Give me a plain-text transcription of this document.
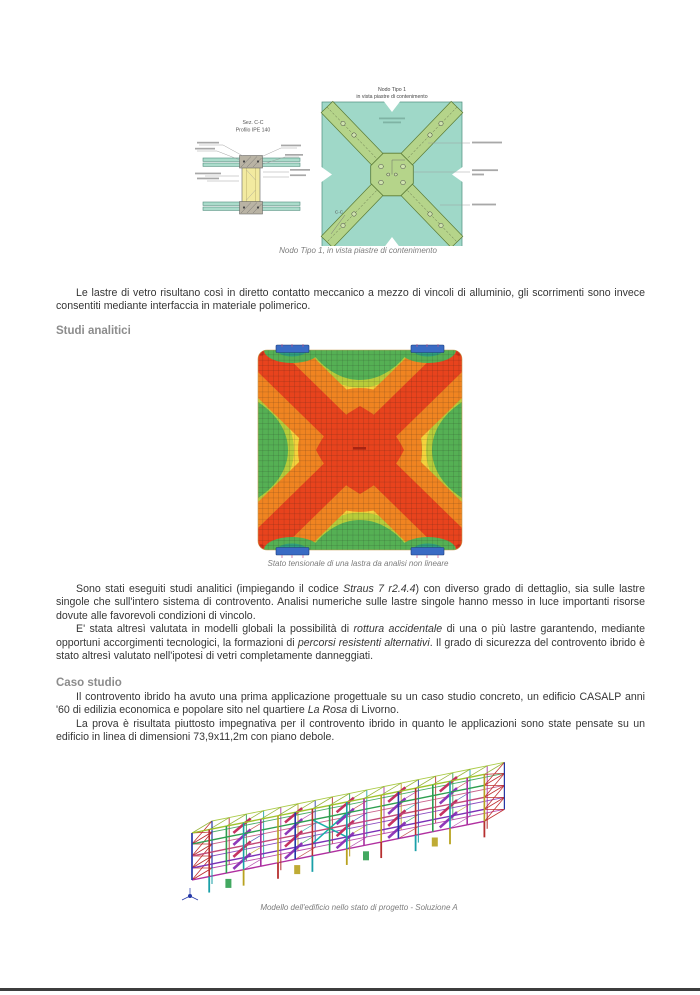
Sez. C-C
Profilo IPE 140
Nodo Tipo 1
in vista piastre di contenimento
C-C
Nodo Tipo 1, in vista piastre di contenimento

Le lastre di vetro risultano così in diretto contatto meccanico a mezzo di vincoli di alluminio, gli scorrimenti sono invece consentiti mediante interfaccia in materiale polimerico.

Studi analitici
Stato tensionale di una lastra da analisi non lineare

Sono stati eseguiti studi analitici (impiegando il codice Straus 7 r2.4.4) con diverso grado di dettaglio, sia sulle lastre singole che sull'intero sistema di controvento. Analisi numeriche sulle lastre singole hanno messo in luce importanti risorse dovute alle favorevoli condizioni di vincolo.

E' stata altresì valutata in modelli globali la possibilità di rottura accidentale di una o più lastre garantendo, mediante opportuni accorgimenti tecnologici, la formazioni di percorsi resistenti alternativi. Il grado di sicurezza del controvento ibrido è stato altresì valutato nell'ipotesi di vetri completamente danneggiati.

Caso studio

Il controvento ibrido ha avuto una prima applicazione progettuale su un caso studio concreto, un edificio CASALP anni '60 di edilizia economica e popolare sito nel quartiere La Rosa di Livorno.

La prova è risultata piuttosto impegnativa per il controvento ibrido in quanto le applicazioni sono state pensate su un edificio in linea di dimensioni 73,9x11,2m con piano debole.

Modello dell'edificio nello stato di progetto - Soluzione A
